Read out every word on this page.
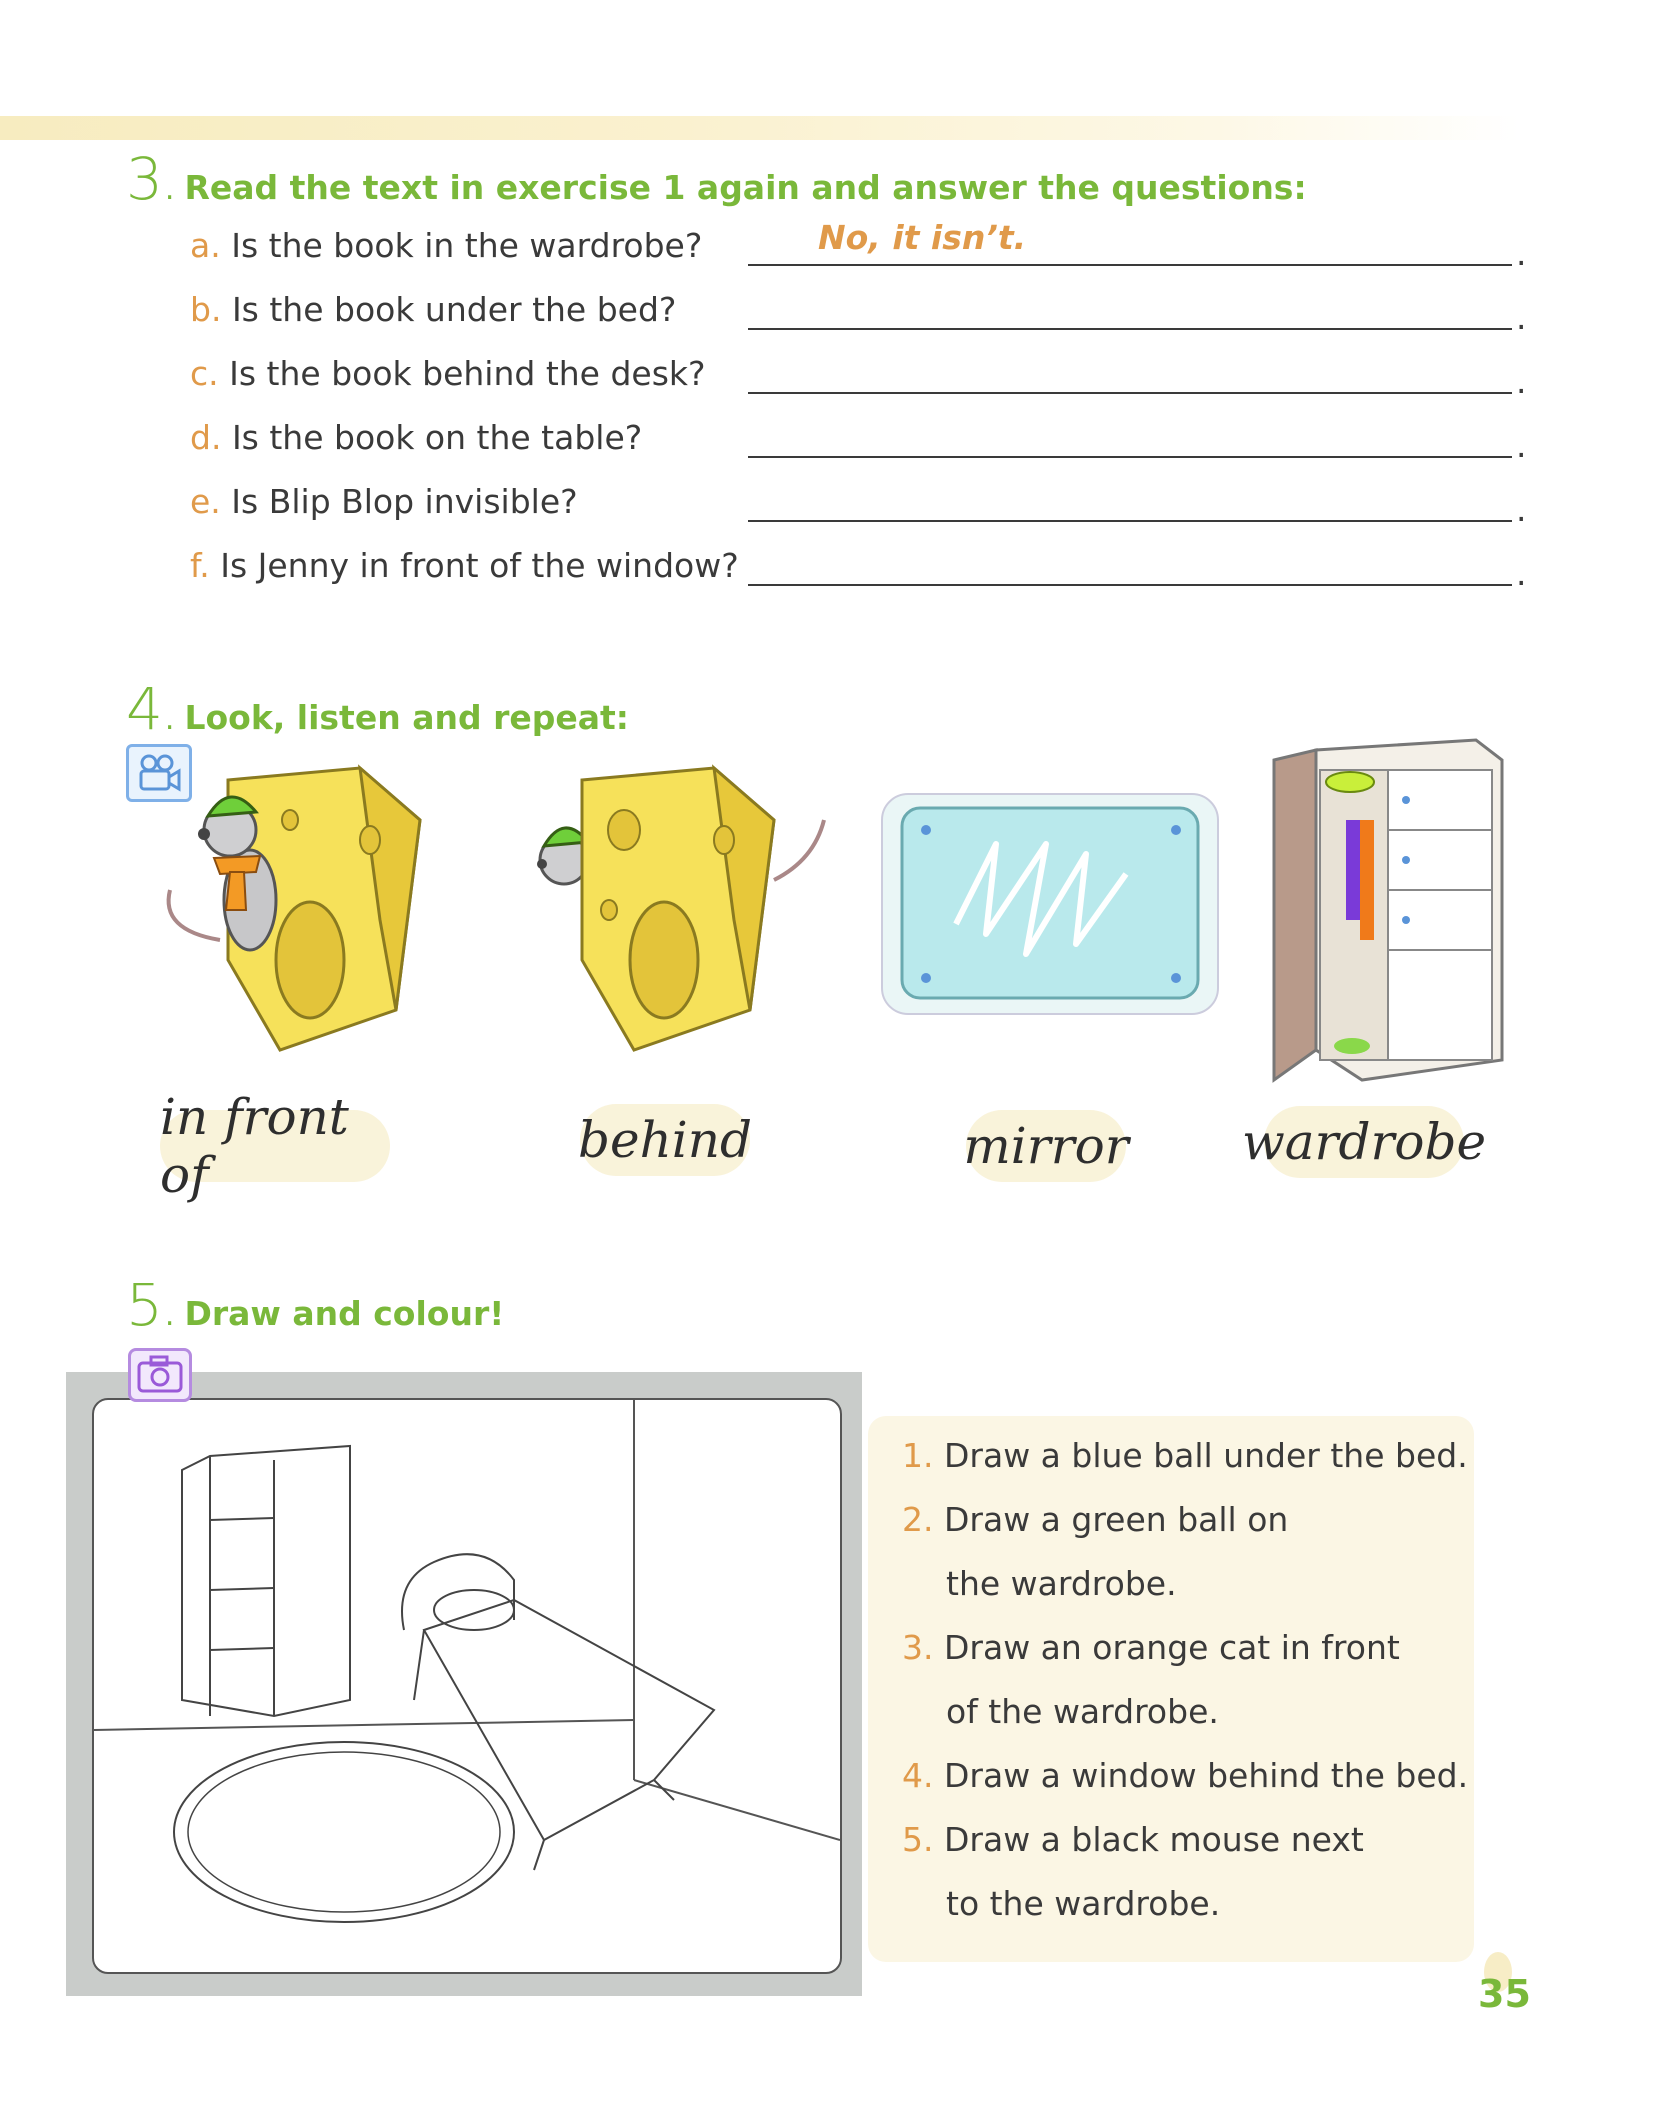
3 . Read the text in exercise 1 again and answer the questions:
a. Is the book in the wardrobe?	No, it isn’t.	.
b. Is the book under the bed?	.
c. Is the book behind the desk?	.
d. Is the book on the table?	.
e. Is Blip Blop invisible?	.
f. Is Jenny in front of the window?	.
4 . Look, listen and repeat:
in front of
behind	mirror wardrobe
5 . Draw and colour!
1. Draw a blue ball under the bed.
2. Draw a green ball on
the wardrobe.
3. Draw an orange cat in front
of the wardrobe.
4. Draw a window behind the bed.
5. Draw a black mouse next
to the wardrobe.
35
